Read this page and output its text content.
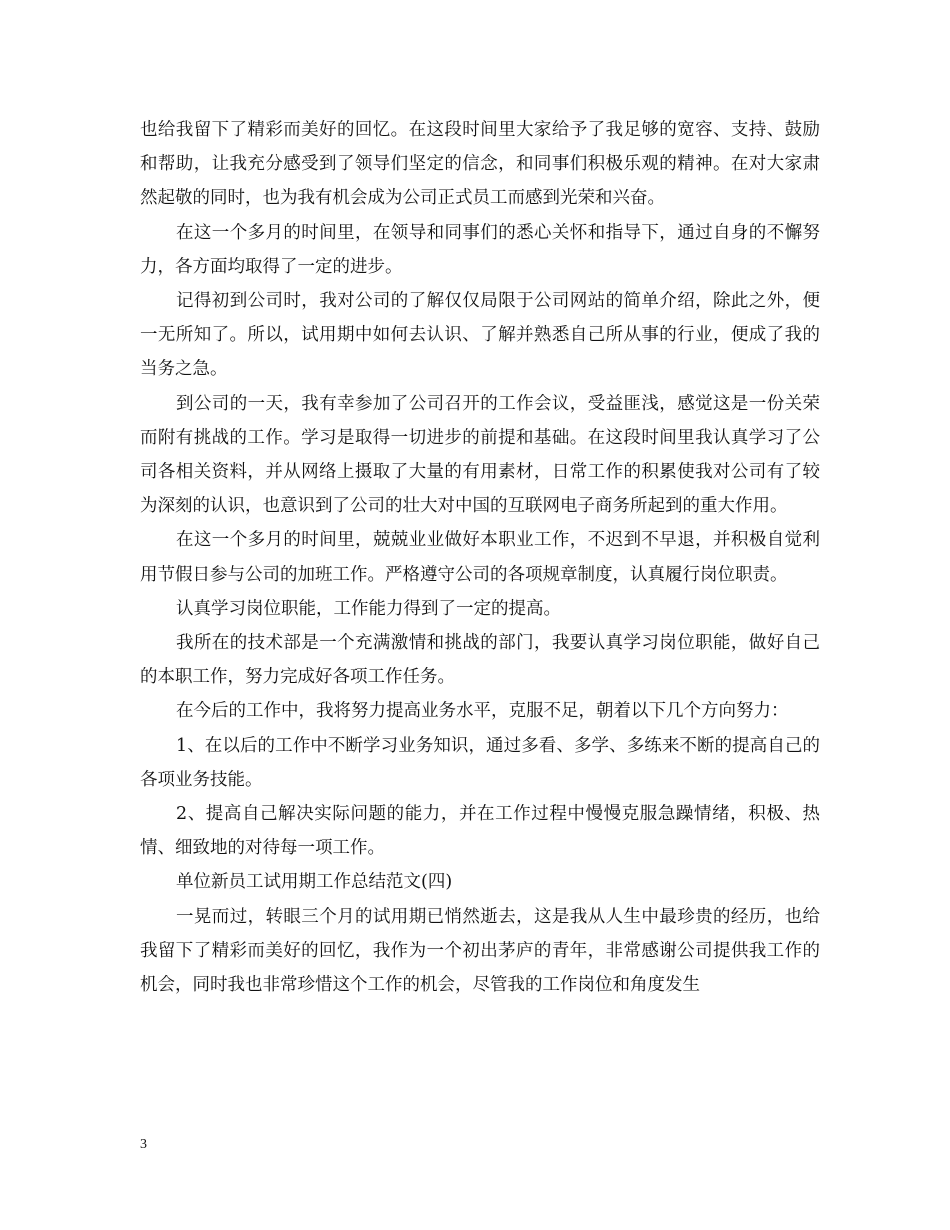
也给我留下了精彩而美好的回忆。在这段时间里大家给予了我足够的宽容、支持、鼓励和帮助，让我充分感受到了领导们坚定的信念，和同事们积极乐观的精神。在对大家肃然起敬的同时，也为我有机会成为公司正式员工而感到光荣和兴奋。

在这一个多月的时间里，在领导和同事们的悉心关怀和指导下，通过自身的不懈努力，各方面均取得了一定的进步。

记得初到公司时，我对公司的了解仅仅局限于公司网站的简单介绍，除此之外，便一无所知了。所以，试用期中如何去认识、了解并熟悉自己所从事的行业，便成了我的当务之急。

到公司的一天，我有幸参加了公司召开的工作会议，受益匪浅，感觉这是一份关荣而附有挑战的工作。学习是取得一切进步的前提和基础。在这段时间里我认真学习了公司各相关资料，并从网络上摄取了大量的有用素材，日常工作的积累使我对公司有了较为深刻的认识，也意识到了公司的壮大对中国的互联网电子商务所起到的重大作用。

在这一个多月的时间里，兢兢业业做好本职业工作，不迟到不早退，并积极自觉利用节假日参与公司的加班工作。严格遵守公司的各项规章制度，认真履行岗位职责。

认真学习岗位职能，工作能力得到了一定的提高。

我所在的技术部是一个充满激情和挑战的部门，我要认真学习岗位职能，做好自己的本职工作，努力完成好各项工作任务。

在今后的工作中，我将努力提高业务水平，克服不足，朝着以下几个方向努力：

1、在以后的工作中不断学习业务知识，通过多看、多学、多练来不断的提高自己的各项业务技能。

2、提高自己解决实际问题的能力，并在工作过程中慢慢克服急躁情绪，积极、热情、细致地的对待每一项工作。

单位新员工试用期工作总结范文(四)

一晃而过，转眼三个月的试用期已悄然逝去，这是我从人生中最珍贵的经历，也给我留下了精彩而美好的回忆，我作为一个初出茅庐的青年，非常感谢公司提供我工作的机会，同时我也非常珍惜这个工作的机会，尽管我的工作岗位和角度发生

3
